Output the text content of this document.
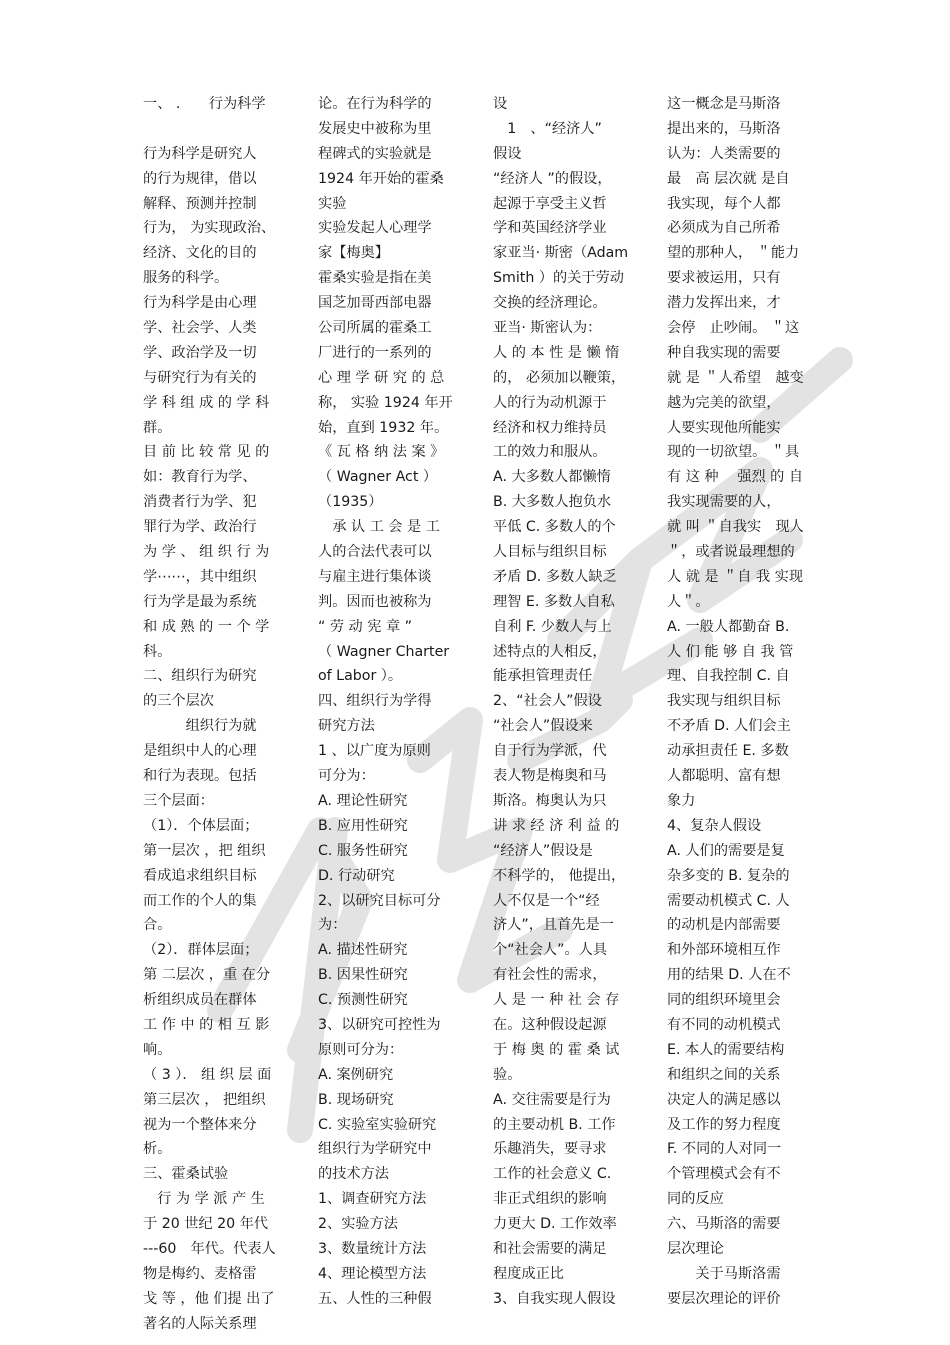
一、 .　　行为科学
行为科学是研究人
的行为规律，借以
解释、预测并控制
行为， 为实现政治、
经济、文化的目的
服务的科学。
行为科学是由心理
学、社会学、人类
学、政治学及一切
与研究行为有关的
学 科 组 成 的 学 科
群。
目 前 比 较 常 见 的
如：教育行为学、
消费者行为学、犯
罪行为学、政治行
为 学 、 组 织 行 为
学⋯⋯，其中组织
行为学是最为系统
和 成 熟 的 一 个 学
科。
二、组织行为研究
的三个层次
　　　组织行为就
是组织中人的心理
和行为表现。包括
三个层面：
（1）．个体层面；
第一层次 ，把 组织
看成追求组织目标
而工作的个人的集
合。
（2）．群体层面；
第 二层次 ，重 在分
析组织成员在群体
工 作 中 的 相 互 影
响。
（ 3 ）． 组 织 层 面
第三层次 ， 把组织
视为一个整体来分
析。
三、霍桑试验
　行 为 学 派 产 生
于 20 世纪 20 年代
---60　年代。代表人
物是梅约、麦格雷
戈 等 ，他 们提 出了
著名的人际关系理
论。在行为科学的
发展史中被称为里
程碑式的实验就是
1924 年开始的霍桑
实验
实验发起人心理学
家【梅奥】
霍桑实验是指在美
国芝加哥西部电器
公司所属的霍桑工
厂进行的一系列的
心 理 学 研 究 的 总
称， 实验 1924 年开
始，直到 1932 年。
《 瓦 格 纳 法 案 》
（ Wagner Act ）
（1935）
　承 认 工 会 是 工
人的合法代表可以
与雇主进行集体谈
判。因而也被称为
“ 劳 动 宪 章 ”
（ Wagner Charter
of Labor ）。
四、组织行为学得
研究方法
1 、以广度为原则
可分为：
A. 理论性研究
B. 应用性研究
C. 服务性研究
D. 行动研究
2、以研究目标可分
为：
A. 描述性研究
B. 因果性研究
C. 预测性研究
3、以研究可控性为
原则可分为：
A. 案例研究
B. 现场研究
C. 实验室实验研究
组织行为学研究中
的技术方法
1、调查研究方法
2、实验方法
3、数量统计方法
4、理论模型方法
五、人性的三种假
设
　1　、“经济人”
假设
“经济人 ”的假设，
起源于享受主义哲
学和英国经济学业
家亚当· 斯密（Adam
Smith ）的关于劳动
交换的经济理论。
亚当· 斯密认为：
人 的 本 性 是 懒 惰
的， 必须加以鞭策，
人的行为动机源于
经济和权力维持员
工的效力和服从。
A. 大多数人都懒惰
B. 大多数人抱负水
平低 C. 多数人的个
人目标与组织目标
矛盾 D. 多数人缺乏
理智 E. 多数人自私
自利 F. 少数人与上
述特点的人相反，
能承担管理责任
2、“社会人”假设
“社会人”假设来
自于行为学派，代
表人物是梅奥和马
斯洛。梅奥认为只
讲 求 经 济 利 益 的
“经济人”假设是
不科学的， 他提出，
人不仅是一个“经
济人”，且首先是一
个“社会人”。人具
有社会性的需求，
人 是 一 种 社 会 存
在。这种假设起源
于 梅 奥 的 霍 桑 试
验。
A. 交往需要是行为
的主要动机 B. 工作
乐趣消失，要寻求
工作的社会意义 C.
非正式组织的影响
力更大 D. 工作效率
和社会需要的满足
程度成正比
3、自我实现人假设
这一概念是马斯洛
提出来的，马斯洛
认为：人类需要的
最　高 层次就 是自
我实现，每个人都
必须成为自己所希
望的那种人， ＂能力
要求被运用，只有
潜力发挥出来，才
会停　止吵闹。 ＂这
种自我实现的需要
就 是 ＂人希望　越变
越为完美的欲望，
人要实现他所能实
现的一切欲望。 ＂具
有 这 种　 强烈 的 自
我实现需要的人，
就 叫 ＂自我实　现人
＂，或者说最理想的
人 就 是 ＂自 我 实现
人＂。
A. 一般人都勤奋 B.
人 们 能 够 自 我 管
理、自我控制 C. 自
我实现与组织目标
不矛盾 D. 人们会主
动承担责任 E. 多数
人都聪明、富有想
象力
4、复杂人假设
A. 人们的需要是复
杂多变的 B. 复杂的
需要动机模式 C. 人
的动机是内部需要
和外部环境相互作
用的结果 D. 人在不
同的组织环境里会
有不同的动机模式
E. 本人的需要结构
和组织之间的关系
决定人的满足感以
及工作的努力程度
F. 不同的人对同一
个管理模式会有不
同的反应
六、马斯洛的需要
层次理论
　　关于马斯洛需
要层次理论的评价
